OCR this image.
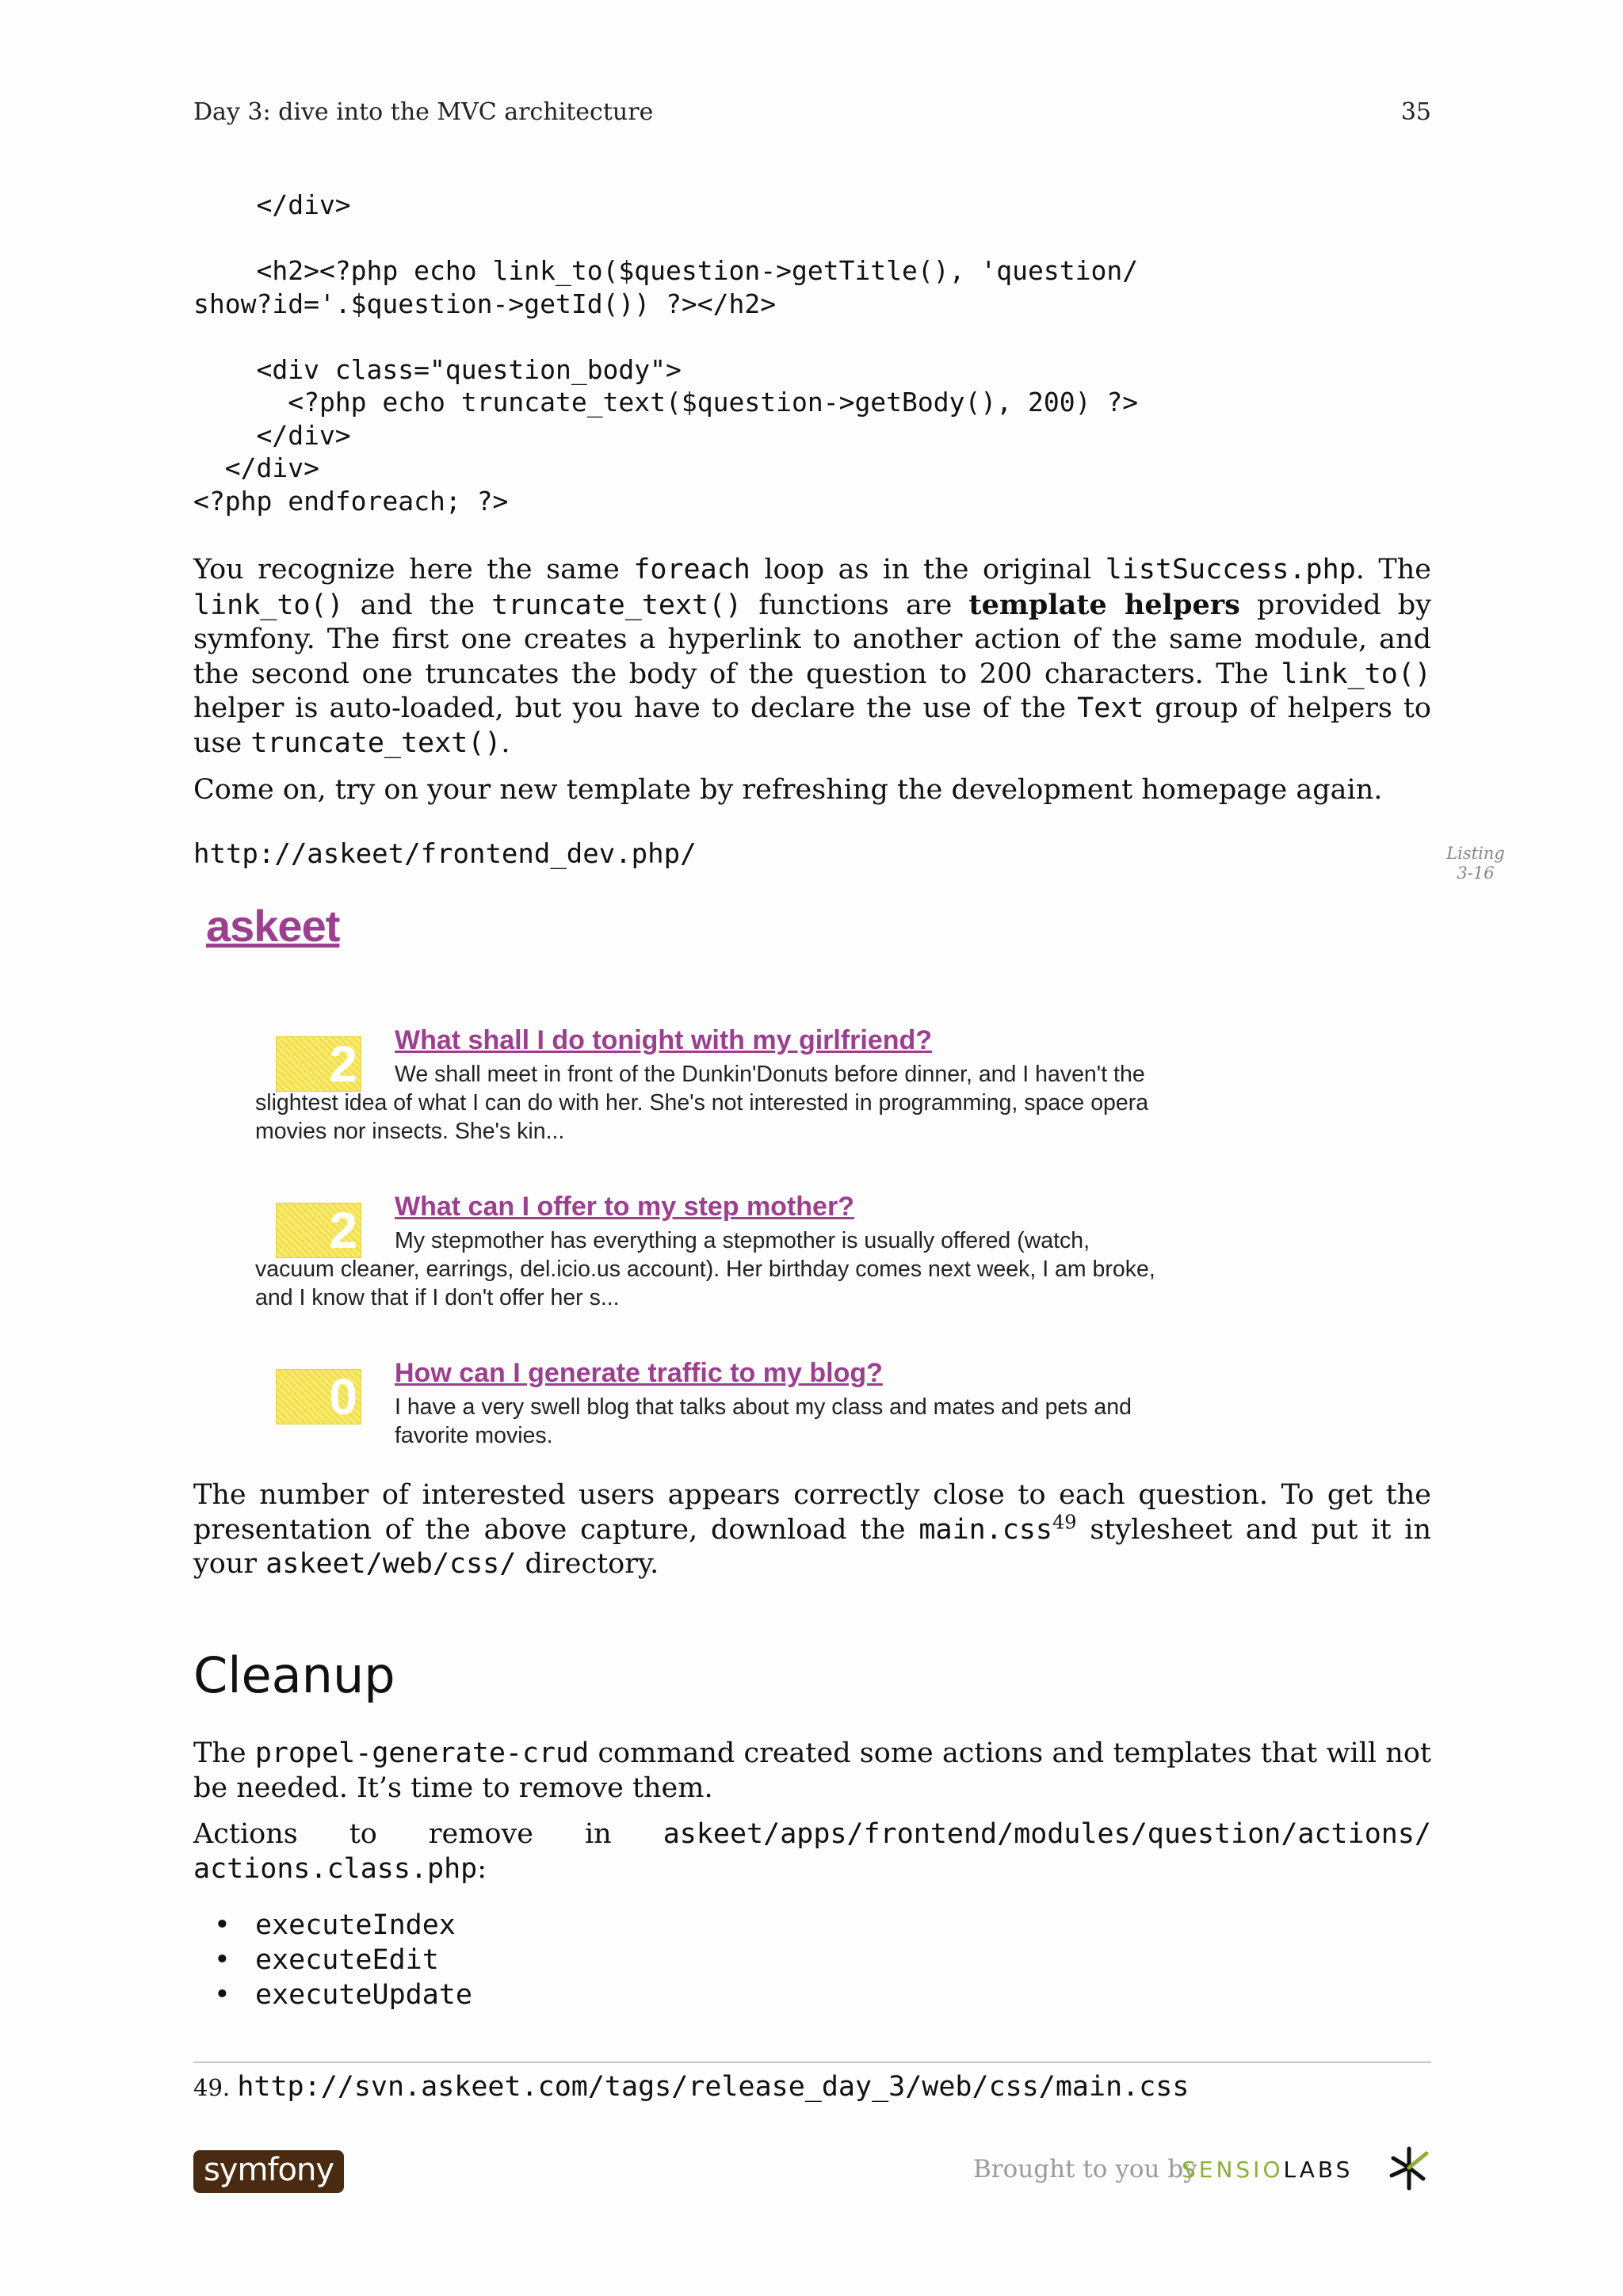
Day 3: dive into the MVC architecture	35
</div>

<h2><?php echo link_to($question->getTitle(), 'question/
show?id='.$question->getId()) ?></h2>

<div class="question_body">
<?php echo truncate_text($question->getBody(), 200) ?>
</div>
</div>
<?php endforeach; ?>

You recognize here the same foreach loop as in the original listSuccess.php. The link_to() and the truncate_text() functions are template helpers provided by symfony. The first one creates a hyperlink to another action of the same module, and the second one truncates the body of the question to 200 characters. The link_to() helper is auto-loaded, but you have to declare the use of the Text group of helpers to use truncate_text().

Come on, try on your new template by refreshing the development homepage again.

http://askeet/frontend_dev.php/	Listing
3-16
askeet
2 What shall I do tonight with my girlfriend?
We shall meet in front of the Dunkin'Donuts before dinner, and I haven't the slightest idea of what I can do with her. She's not interested in programming, space opera movies nor insects. She's kin...
2 What can I offer to my step mother?
My stepmother has everything a stepmother is usually offered (watch, vacuum cleaner, earrings, del.icio.us account). Her birthday comes next week, I am broke, and I know that if I don't offer her s...
0 How can I generate traffic to my blog?
I have a very swell blog that talks about my class and mates and pets and favorite movies.

The number of interested users appears correctly close to each question. To get the presentation of the above capture, download the main.css$^{49}$ stylesheet and put it in your askeet/web/css/ directory.

Cleanup

The propel-generate-crud command created some actions and templates that will not be needed. It’s time to remove them.

Actions to remove in askeet/apps/frontend/modules/question/actions/ actions.class.php:

• executeIndex
• executeEdit
• executeUpdate
49. http://svn.askeet.com/tags/release_day_3/web/css/main.css
symfony	Brought to you by
SENSIOLABS
